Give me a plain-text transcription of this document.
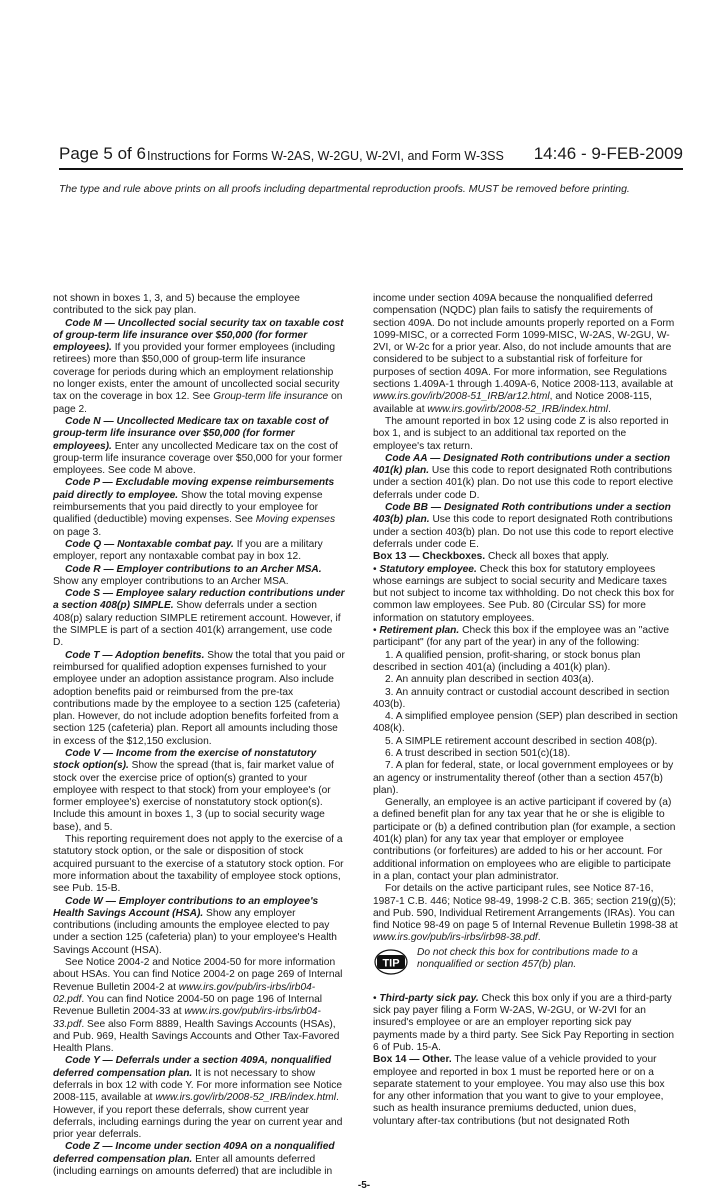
Page 5 of 6 Instructions for Forms W-2AS, W-2GU, W-2VI, and Form W-3SS 14:46 - 9-FEB-2009
The type and rule above prints on all proofs including departmental reproduction proofs. MUST be removed before printing.

not shown in boxes 1, 3, and 5) because the employee contributed to the sick pay plan.

Code M — Uncollected social security tax on taxable cost of group-term life insurance over $50,000 (for former employees). If you provided your former employees (including retirees) more than $50,000 of group-term life insurance coverage for periods during which an employment relationship no longer exists, enter the amount of uncollected social security tax on the coverage in box 12. See Group-term life insurance on page 2.

Code N — Uncollected Medicare tax on taxable cost of group-term life insurance over $50,000 (for former employees). Enter any uncollected Medicare tax on the cost of group-term life insurance coverage over $50,000 for your former employees. See code M above.

Code P — Excludable moving expense reimbursements paid directly to employee. Show the total moving expense reimbursements that you paid directly to your employee for qualified (deductible) moving expenses. See Moving expenses on page 3.

Code Q — Nontaxable combat pay. If you are a military employer, report any nontaxable combat pay in box 12.

Code R — Employer contributions to an Archer MSA. Show any employer contributions to an Archer MSA.

Code S — Employee salary reduction contributions under a section 408(p) SIMPLE. Show deferrals under a section 408(p) salary reduction SIMPLE retirement account. However, if the SIMPLE is part of a section 401(k) arrangement, use code D.

Code T — Adoption benefits. Show the total that you paid or reimbursed for qualified adoption expenses furnished to your employee under an adoption assistance program. Also include adoption benefits paid or reimbursed from the pre-tax contributions made by the employee to a section 125 (cafeteria) plan. However, do not include adoption benefits forfeited from a section 125 (cafeteria) plan. Report all amounts including those in excess of the $12,150 exclusion.

Code V — Income from the exercise of nonstatutory stock option(s). Show the spread (that is, fair market value of stock over the exercise price of option(s) granted to your employee with respect to that stock) from your employee's (or former employee's) exercise of nonstatutory stock option(s). Include this amount in boxes 1, 3 (up to social security wage base), and 5.

This reporting requirement does not apply to the exercise of a statutory stock option, or the sale or disposition of stock acquired pursuant to the exercise of a statutory stock option. For more information about the taxability of employee stock options, see Pub. 15-B.

Code W — Employer contributions to an employee's Health Savings Account (HSA). Show any employer contributions (including amounts the employee elected to pay under a section 125 (cafeteria) plan) to your employee's Health Savings Account (HSA).

See Notice 2004-2 and Notice 2004-50 for more information about HSAs. You can find Notice 2004-2 on page 269 of Internal Revenue Bulletin 2004-2 at www.irs.gov/pub/irs-irbs/irb04-02.pdf. You can find Notice 2004-50 on page 196 of Internal Revenue Bulletin 2004-33 at www.irs.gov/pub/irs-irbs/irb04-33.pdf. See also Form 8889, Health Savings Accounts (HSAs), and Pub. 969, Health Savings Accounts and Other Tax-Favored Health Plans.

Code Y — Deferrals under a section 409A, nonqualified deferred compensation plan. It is not necessary to show deferrals in box 12 with code Y. For more information see Notice 2008-115, available at www.irs.gov/irb/2008-52_IRB/index.html. However, if you report these deferrals, show current year deferrals, including earnings during the year on current year and prior year deferrals.

Code Z — Income under section 409A on a nonqualified deferred compensation plan. Enter all amounts deferred (including earnings on amounts deferred) that are includible in

income under section 409A because the nonqualified deferred compensation (NQDC) plan fails to satisfy the requirements of section 409A. Do not include amounts properly reported on a Form 1099-MISC, or a corrected Form 1099-MISC, W-2AS, W-2GU, W-2VI, or W-2c for a prior year. Also, do not include amounts that are considered to be subject to a substantial risk of forfeiture for purposes of section 409A. For more information, see Regulations sections 1.409A-1 through 1.409A-6, Notice 2008-113, available at www.irs.gov/irb/2008-51_IRB/ar12.html, and Notice 2008-115, available at www.irs.gov/irb/2008-52_IRB/index.html.

The amount reported in box 12 using code Z is also reported in box 1, and is subject to an additional tax reported on the employee's tax return.

Code AA — Designated Roth contributions under a section 401(k) plan. Use this code to report designated Roth contributions under a section 401(k) plan. Do not use this code to report elective deferrals under code D.

Code BB — Designated Roth contributions under a section 403(b) plan. Use this code to report designated Roth contributions under a section 403(b) plan. Do not use this code to report elective deferrals under code E.

Box 13 — Checkboxes. Check all boxes that apply.

• Statutory employee. Check this box for statutory employees whose earnings are subject to social security and Medicare taxes but not subject to income tax withholding. Do not check this box for common law employees. See Pub. 80 (Circular SS) for more information on statutory employees.

• Retirement plan. Check this box if the employee was an "active participant" (for any part of the year) in any of the following:

1. A qualified pension, profit-sharing, or stock bonus plan described in section 401(a) (including a 401(k) plan).

2. An annuity plan described in section 403(a).

3. An annuity contract or custodial account described in section 403(b).

4. A simplified employee pension (SEP) plan described in section 408(k).

5. A SIMPLE retirement account described in section 408(p).

6. A trust described in section 501(c)(18).

7. A plan for federal, state, or local government employees or by an agency or instrumentality thereof (other than a section 457(b) plan).

Generally, an employee is an active participant if covered by (a) a defined benefit plan for any tax year that he or she is eligible to participate or (b) a defined contribution plan (for example, a section 401(k) plan) for any tax year that employer or employee contributions (or forfeitures) are added to his or her account. For additional information on employees who are eligible to participate in a plan, contact your plan administrator.

For details on the active participant rules, see Notice 87-16, 1987-1 C.B. 446; Notice 98-49, 1998-2 C.B. 365; section 219(g)(5); and Pub. 590, Individual Retirement Arrangements (IRAs). You can find Notice 98-49 on page 5 of Internal Revenue Bulletin 1998-38 at www.irs.gov/pub/irs-irbs/irb98-38.pdf.

TIP
Do not check this box for contributions made to a nonqualified or section 457(b) plan.

• Third-party sick pay. Check this box only if you are a third-party sick pay payer filing a Form W-2AS, W-2GU, or W-2VI for an insured's employee or are an employer reporting sick pay payments made by a third party. See Sick Pay Reporting in section 6 of Pub. 15-A.

Box 14 — Other. The lease value of a vehicle provided to your employee and reported in box 1 must be reported here or on a separate statement to your employee. You may also use this box for any other information that you want to give to your employee, such as health insurance premiums deducted, union dues, voluntary after-tax contributions (but not designated Roth

-5-
